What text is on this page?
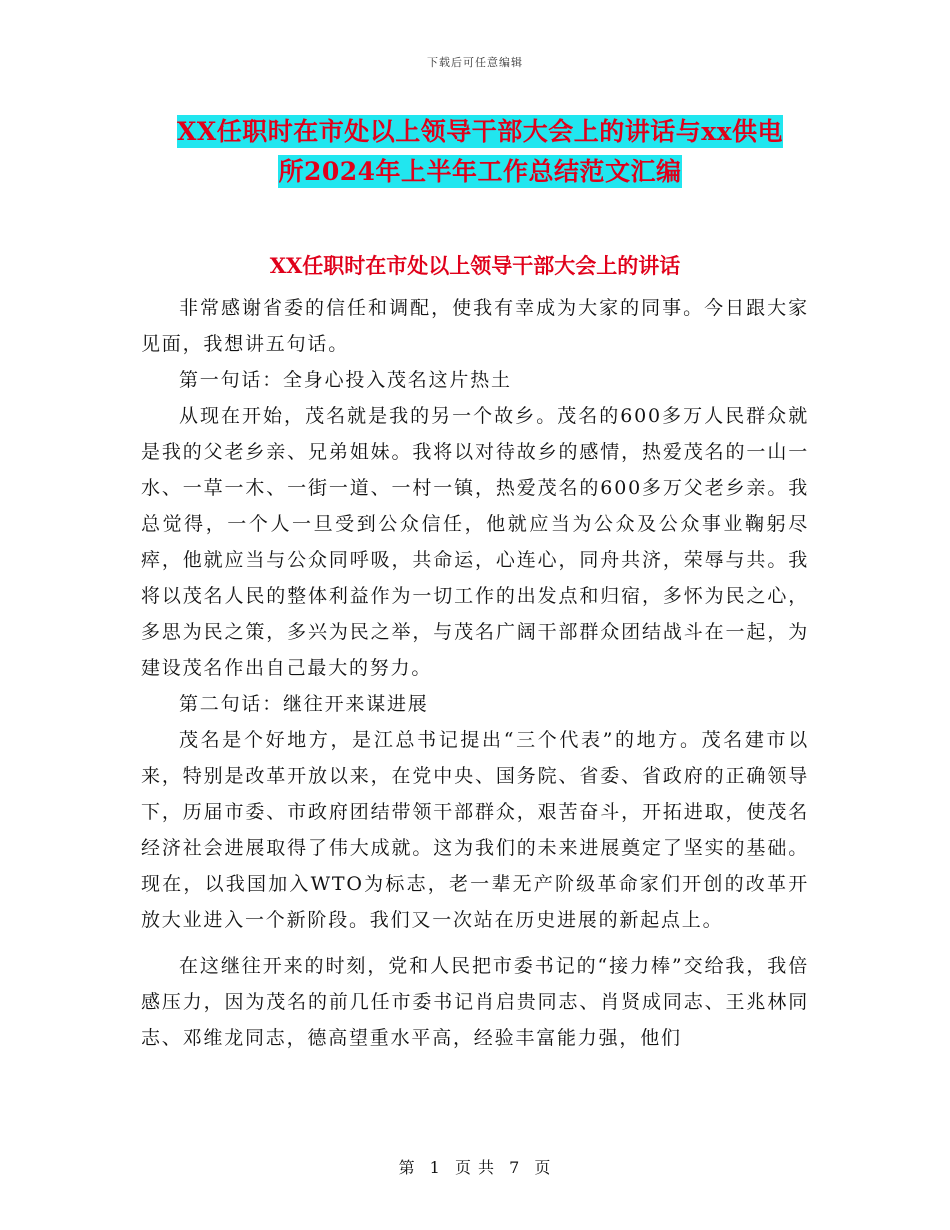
下载后可任意编辑
XX任职时在市处以上领导干部大会上的讲话与xx供电
所2024年上半年工作总结范文汇编
XX任职时在市处以上领导干部大会上的讲话

非常感谢省委的信任和调配，使我有幸成为大家的同事。今日跟大家见面，我想讲五句话。

第一句话：全身心投入茂名这片热土

从现在开始，茂名就是我的另一个故乡。茂名的600多万人民群众就是我的父老乡亲、兄弟姐妹。我将以对待故乡的感情，热爱茂名的一山一水、一草一木、一街一道、一村一镇，热爱茂名的600多万父老乡亲。我总觉得，一个人一旦受到公众信任，他就应当为公众及公众事业鞠躬尽瘁，他就应当与公众同呼吸，共命运，心连心，同舟共济，荣辱与共。我将以茂名人民的整体利益作为一切工作的出发点和归宿，多怀为民之心，多思为民之策，多兴为民之举，与茂名广阔干部群众团结战斗在一起，为建设茂名作出自己最大的努力。

第二句话：继往开来谋进展

茂名是个好地方，是江总书记提出“三个代表”的地方。茂名建市以来，特别是改革开放以来，在党中央、国务院、省委、省政府的正确领导下，历届市委、市政府团结带领干部群众，艰苦奋斗，开拓进取，使茂名经济社会进展取得了伟大成就。这为我们的未来进展奠定了坚实的基础。现在，以我国加入WTO为标志，老一辈无产阶级革命家们开创的改革开放大业进入一个新阶段。我们又一次站在历史进展的新起点上。

在这继往开来的时刻，党和人民把市委书记的“接力棒”交给我，我倍感压力，因为茂名的前几任市委书记肖启贵同志、肖贤成同志、王兆林同志、邓维龙同志，德高望重水平高，经验丰富能力强，他们

第 1 页 共 7 页
